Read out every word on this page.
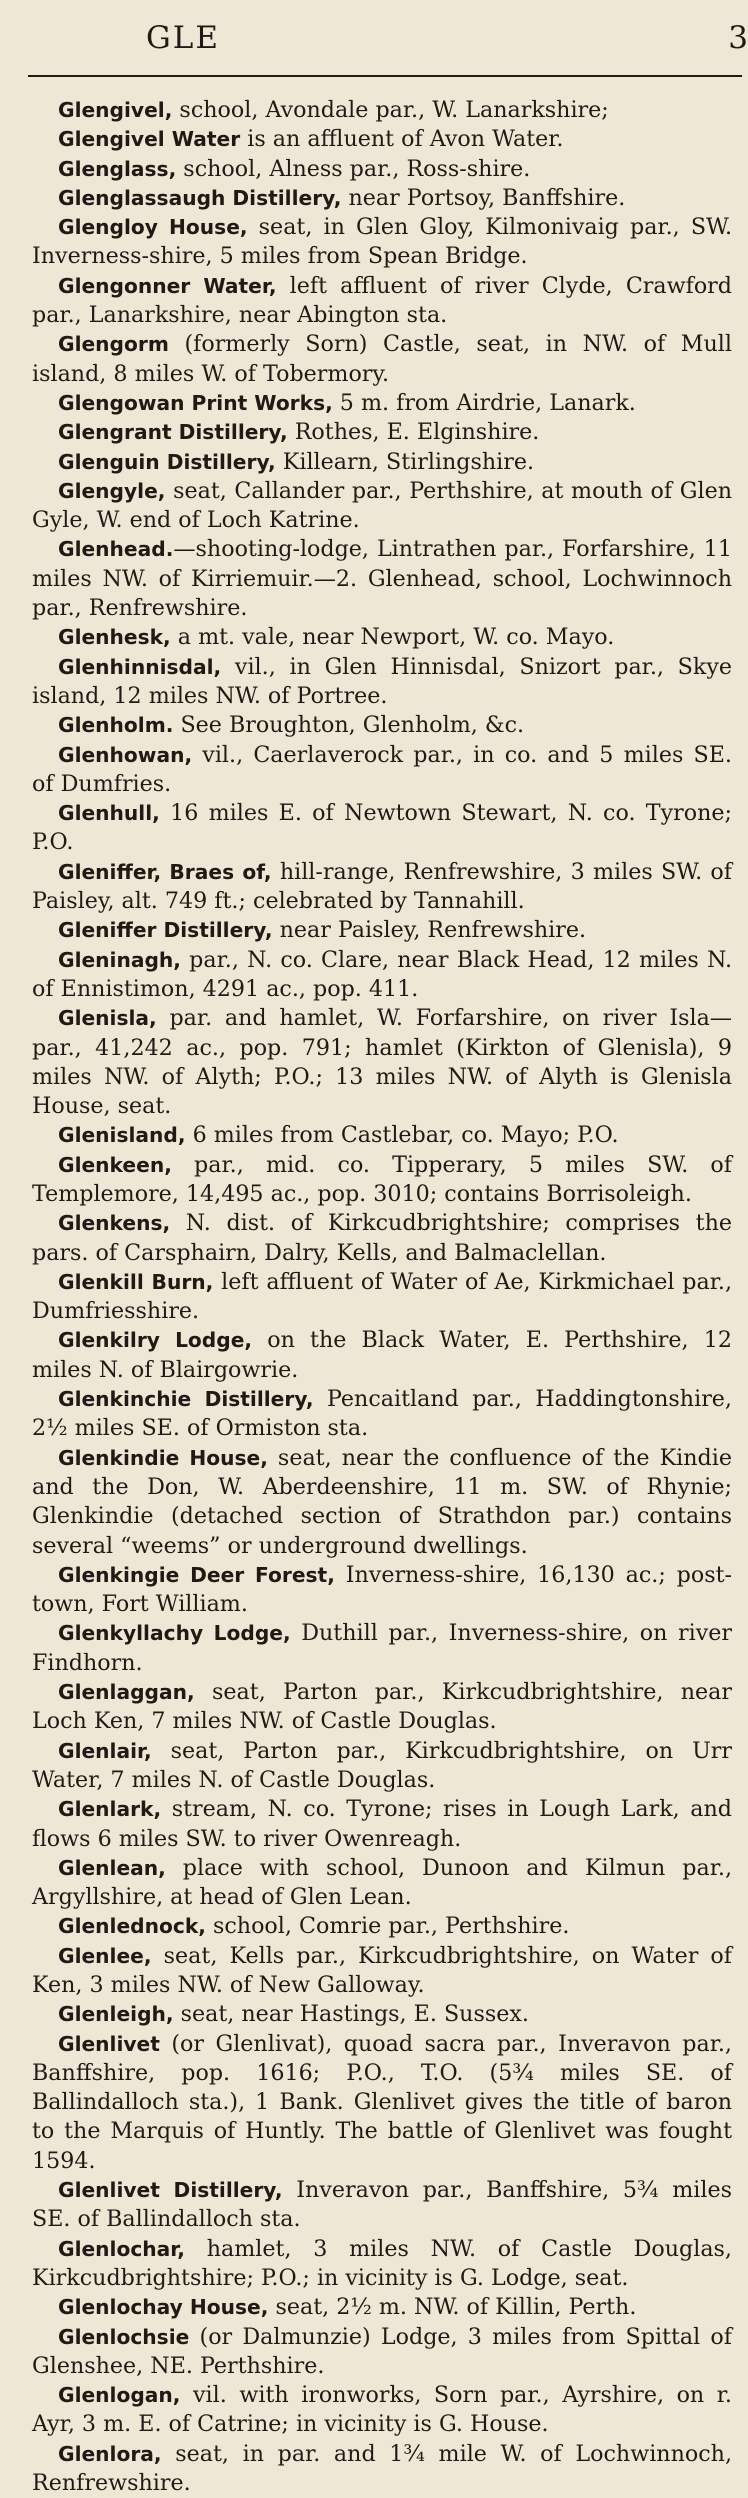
GLE	3

Glengivel, school, Avondale par., W. Lanarkshire;

Glengivel Water is an affluent of Avon Water.

Glenglass, school, Alness par., Ross-shire.

Glenglassaugh Distillery, near Portsoy, Banffshire.

Glengloy House, seat, in Glen Gloy, Kilmonivaig par., SW. Inverness-shire, 5 miles from Spean Bridge.

Glengonner Water, left affluent of river Clyde, Crawford par., Lanarkshire, near Abington sta.

Glengorm (formerly Sorn) Castle, seat, in NW. of Mull island, 8 miles W. of Tobermory.

Glengowan Print Works, 5 m. from Airdrie, Lanark.

Glengrant Distillery, Rothes, E. Elginshire.

Glenguin Distillery, Killearn, Stirlingshire.

Glengyle, seat, Callander par., Perthshire, at mouth of Glen Gyle, W. end of Loch Katrine.

Glenhead.—shooting-lodge, Lintrathen par., Forfarshire, 11 miles NW. of Kirriemuir.—2. Glenhead, school, Lochwinnoch par., Renfrewshire.

Glenhesk, a mt. vale, near Newport, W. co. Mayo.

Glenhinnisdal, vil., in Glen Hinnisdal, Snizort par., Skye island, 12 miles NW. of Portree.

Glenholm. See Broughton, Glenholm, &c.

Glenhowan, vil., Caerlaverock par., in co. and 5 miles SE. of Dumfries.

Glenhull, 16 miles E. of Newtown Stewart, N. co. Tyrone; P.O.

Gleniffer, Braes of, hill-range, Renfrewshire, 3 miles SW. of Paisley, alt. 749 ft.; celebrated by Tannahill.

Gleniffer Distillery, near Paisley, Renfrewshire.

Gleninagh, par., N. co. Clare, near Black Head, 12 miles N. of Ennistimon, 4291 ac., pop. 411.

Glenisla, par. and hamlet, W. Forfarshire, on river Isla—par., 41,242 ac., pop. 791; hamlet (Kirkton of Glenisla), 9 miles NW. of Alyth; P.O.; 13 miles NW. of Alyth is Glenisla House, seat.

Glenisland, 6 miles from Castlebar, co. Mayo; P.O.

Glenkeen, par., mid. co. Tipperary, 5 miles SW. of Templemore, 14,495 ac., pop. 3010; contains Borrisoleigh.

Glenkens, N. dist. of Kirkcudbrightshire; comprises the pars. of Carsphairn, Dalry, Kells, and Balmaclellan.

Glenkill Burn, left affluent of Water of Ae, Kirkmichael par., Dumfriesshire.

Glenkilry Lodge, on the Black Water, E. Perthshire, 12 miles N. of Blairgowrie.

Glenkinchie Distillery, Pencaitland par., Haddingtonshire, 2½ miles SE. of Ormiston sta.

Glenkindie House, seat, near the confluence of the Kindie and the Don, W. Aberdeenshire, 11 m. SW. of Rhynie; Glenkindie (detached section of Strathdon par.) contains several “weems” or underground dwellings.

Glenkingie Deer Forest, Inverness-shire, 16,130 ac.; post-town, Fort William.

Glenkyllachy Lodge, Duthill par., Inverness-shire, on river Findhorn.

Glenlaggan, seat, Parton par., Kirkcudbrightshire, near Loch Ken, 7 miles NW. of Castle Douglas.

Glenlair, seat, Parton par., Kirkcudbrightshire, on Urr Water, 7 miles N. of Castle Douglas.

Glenlark, stream, N. co. Tyrone; rises in Lough Lark, and flows 6 miles SW. to river Owenreagh.

Glenlean, place with school, Dunoon and Kilmun par., Argyllshire, at head of Glen Lean.

Glenlednock, school, Comrie par., Perthshire.

Glenlee, seat, Kells par., Kirkcudbrightshire, on Water of Ken, 3 miles NW. of New Galloway.

Glenleigh, seat, near Hastings, E. Sussex.

Glenlivet (or Glenlivat), quoad sacra par., Inveravon par., Banffshire, pop. 1616; P.O., T.O. (5¾ miles SE. of Ballindalloch sta.), 1 Bank. Glenlivet gives the title of baron to the Marquis of Huntly. The battle of Glenlivet was fought 1594.

Glenlivet Distillery, Inveravon par., Banffshire, 5¾ miles SE. of Ballindalloch sta.

Glenlochar, hamlet, 3 miles NW. of Castle Douglas, Kirkcudbrightshire; P.O.; in vicinity is G. Lodge, seat.

Glenlochay House, seat, 2½ m. NW. of Killin, Perth.

Glenlochsie (or Dalmunzie) Lodge, 3 miles from Spittal of Glenshee, NE. Perthshire.

Glenlogan, vil. with ironworks, Sorn par., Ayrshire, on r. Ayr, 3 m. E. of Catrine; in vicinity is G. House.

Glenlora, seat, in par. and 1¾ mile W. of Lochwinnoch, Renfrewshire.
